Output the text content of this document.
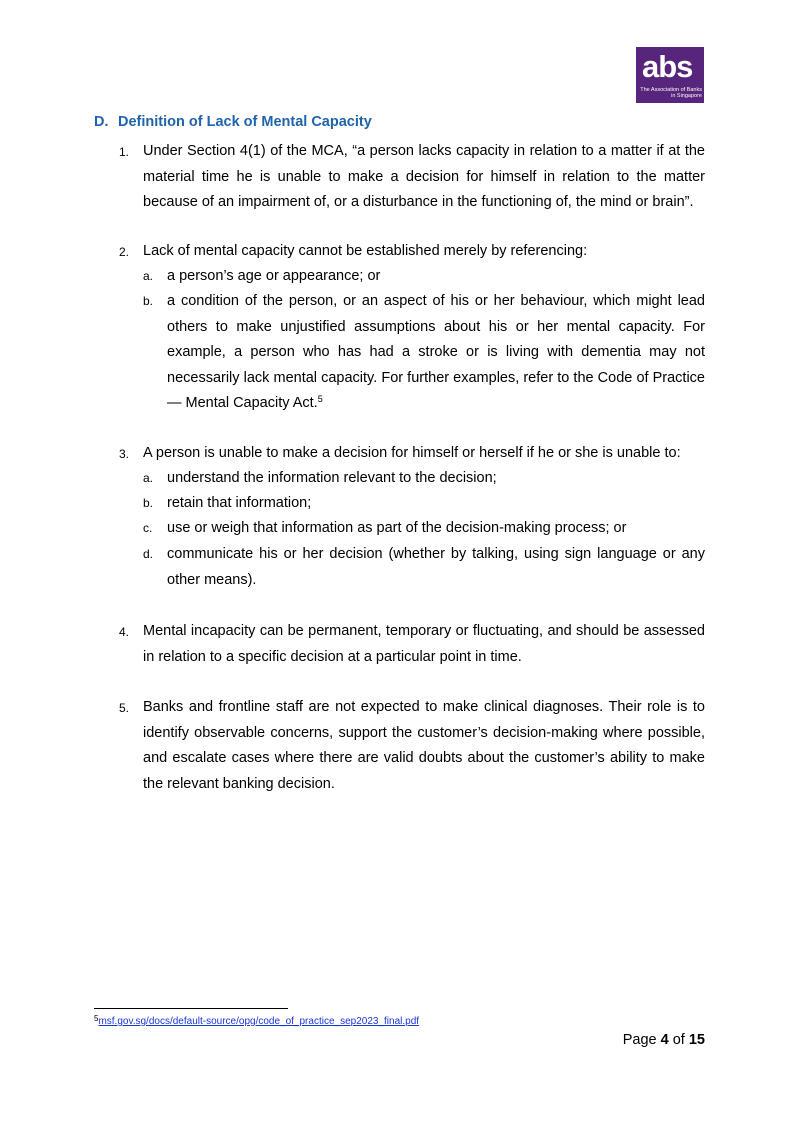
abs
The Association of Banks
in Singapore
D. Definition of Lack of Mental Capacity
1. Under Section 4(1) of the MCA, “a person lacks capacity in relation to a matter if at the material time he is unable to make a decision for himself in relation to the matter because of an impairment of, or a disturbance in the functioning of, the mind or brain”.
2. Lack of mental capacity cannot be established merely by referencing:
a. a person’s age or appearance; or
b. a condition of the person, or an aspect of his or her behaviour, which might lead others to make unjustified assumptions about his or her mental capacity. For example, a person who has had a stroke or is living with dementia may not necessarily lack mental capacity. For further examples, refer to the Code of Practice — Mental Capacity Act.$^5$
3. A person is unable to make a decision for himself or herself if he or she is unable to:
a. understand the information relevant to the decision;
b. retain that information;
c. use or weigh that information as part of the decision-making process; or
d. communicate his or her decision (whether by talking, using sign language or any other means).
4. Mental incapacity can be permanent, temporary or fluctuating, and should be assessed in relation to a specific decision at a particular point in time.
5. Banks and frontline staff are not expected to make clinical diagnoses. Their role is to identify observable concerns, support the customer’s decision-making where possible, and escalate cases where there are valid doubts about the customer’s ability to make the relevant banking decision.
$^5$msf.gov.sg/docs/default-source/opg/code_of_practice_sep2023_final.pdf
Page 4 of 15
